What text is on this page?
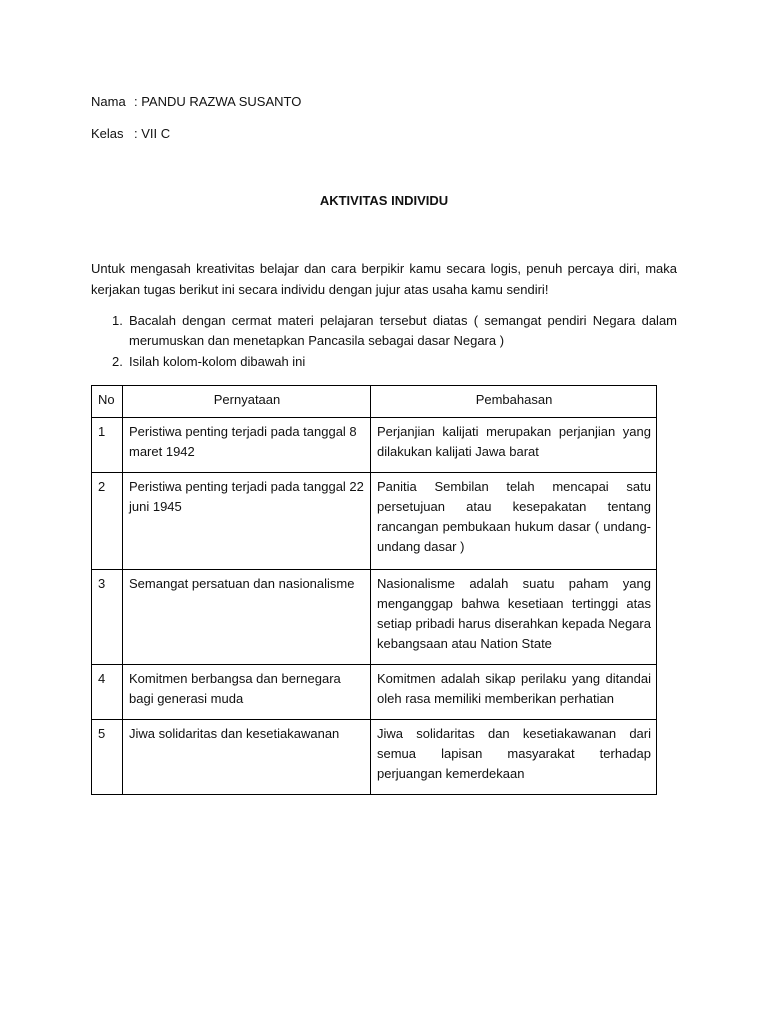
Nama : PANDU RAZWA SUSANTO
Kelas : VII C
AKTIVITAS INDIVIDU
Untuk mengasah kreativitas belajar dan cara berpikir kamu secara logis, penuh percaya diri, maka kerjakan tugas berikut ini secara individu dengan jujur atas usaha kamu sendiri!
1. Bacalah dengan cermat materi pelajaran tersebut diatas ( semangat pendiri Negara dalam merumuskan dan menetapkan Pancasila sebagai dasar Negara )
2. Isilah kolom-kolom dibawah ini
No	Pernyataan	Pembahasan
1	Peristiwa penting terjadi pada tanggal 8 maret 1942	Perjanjian kalijati merupakan perjanjian yang dilakukan kalijati Jawa barat
2	Peristiwa penting terjadi pada tanggal 22 juni 1945	Panitia Sembilan telah mencapai satu persetujuan atau kesepakatan tentang rancangan pembukaan hukum dasar ( undang-undang dasar )
3	Semangat persatuan dan nasionalisme	Nasionalisme adalah suatu paham yang menganggap bahwa kesetiaan tertinggi atas setiap pribadi harus diserahkan kepada Negara kebangsaan atau Nation State
4	Komitmen berbangsa dan bernegara bagi generasi muda	Komitmen adalah sikap perilaku yang ditandai oleh rasa memiliki memberikan perhatian
5	Jiwa solidaritas dan kesetiakawanan	Jiwa solidaritas dan kesetiakawanan dari semua lapisan masyarakat terhadap perjuangan kemerdekaan
